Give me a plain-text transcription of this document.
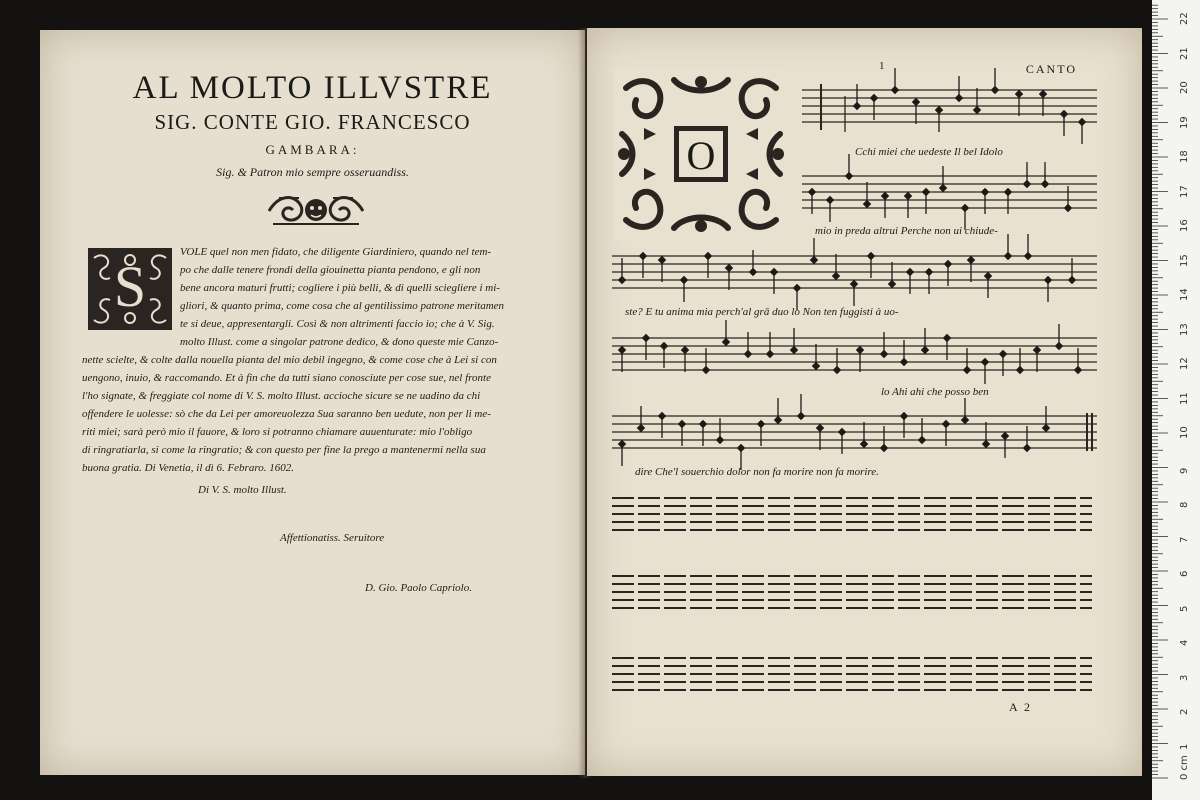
AL MOLTO ILLVSTRE
SIG. CONTE GIO. FRANCESCO
GAMBARA:
Sig. & Patron mio sempre osseruandiss.
S
VOLE quel non men fidato, che diligente Giardiniero, quando nel tem-
po che dalle tenere frondi della giouinetta pianta pendono, e gli non
bene ancora maturi frutti; cogliere i più belli, & di quelli sciegliere i mi-
gliori, & quanto prima, come cosa che al gentilissimo patrone meritamen
te si deue, appresentargli. Così & non altrimenti faccio io; che à V. Sig.
molto Illust. come a singolar patrone dedico, & dono queste mie Canzo-
nette scielte, & colte dalla nouella pianta del mio debil ingegno, & come cose che à Lei si con
uengono, inuio, & raccomando. Et à fin che da tutti siano conosciute per cose sue, nel fronte
l'ho signate, & freggiate col nome di V. S. molto Illust. accioche sicure se ne uadino da chi
offendere le uolesse: sò che da Lei per amoreuolezza Sua saranno ben uedute, non per li me-
riti miei; sarà però mio il fauore, & loro si potranno chiamare auuenturate: mio l'obligo
di ringratiarla, si come la ringratio; & con questo per fine la prego a mantenermi nella sua
buona gratia. Di Venetia, il dì 6. Febraro. 1602.
Di V. S. molto Illust.
Affettionatiss. Seruitore
D. Gio. Paolo Capriolo.
1	CANTO
O	Cchi miei che uedeste Il bel Idolo
mio in preda altrui Perche non ui chiude-
ste? E tu anima mia perch'al grā duo lo Non ten fuggisti à uo-
lo Ahi ahi che posso ben
dire Che'l souerchio dolor non fa morire non fa morire.
A 2
0 cm
1
2
3
4
5
6
7
8
9
10
11
12
13
14
15
16
17
18
19
20
21
22
